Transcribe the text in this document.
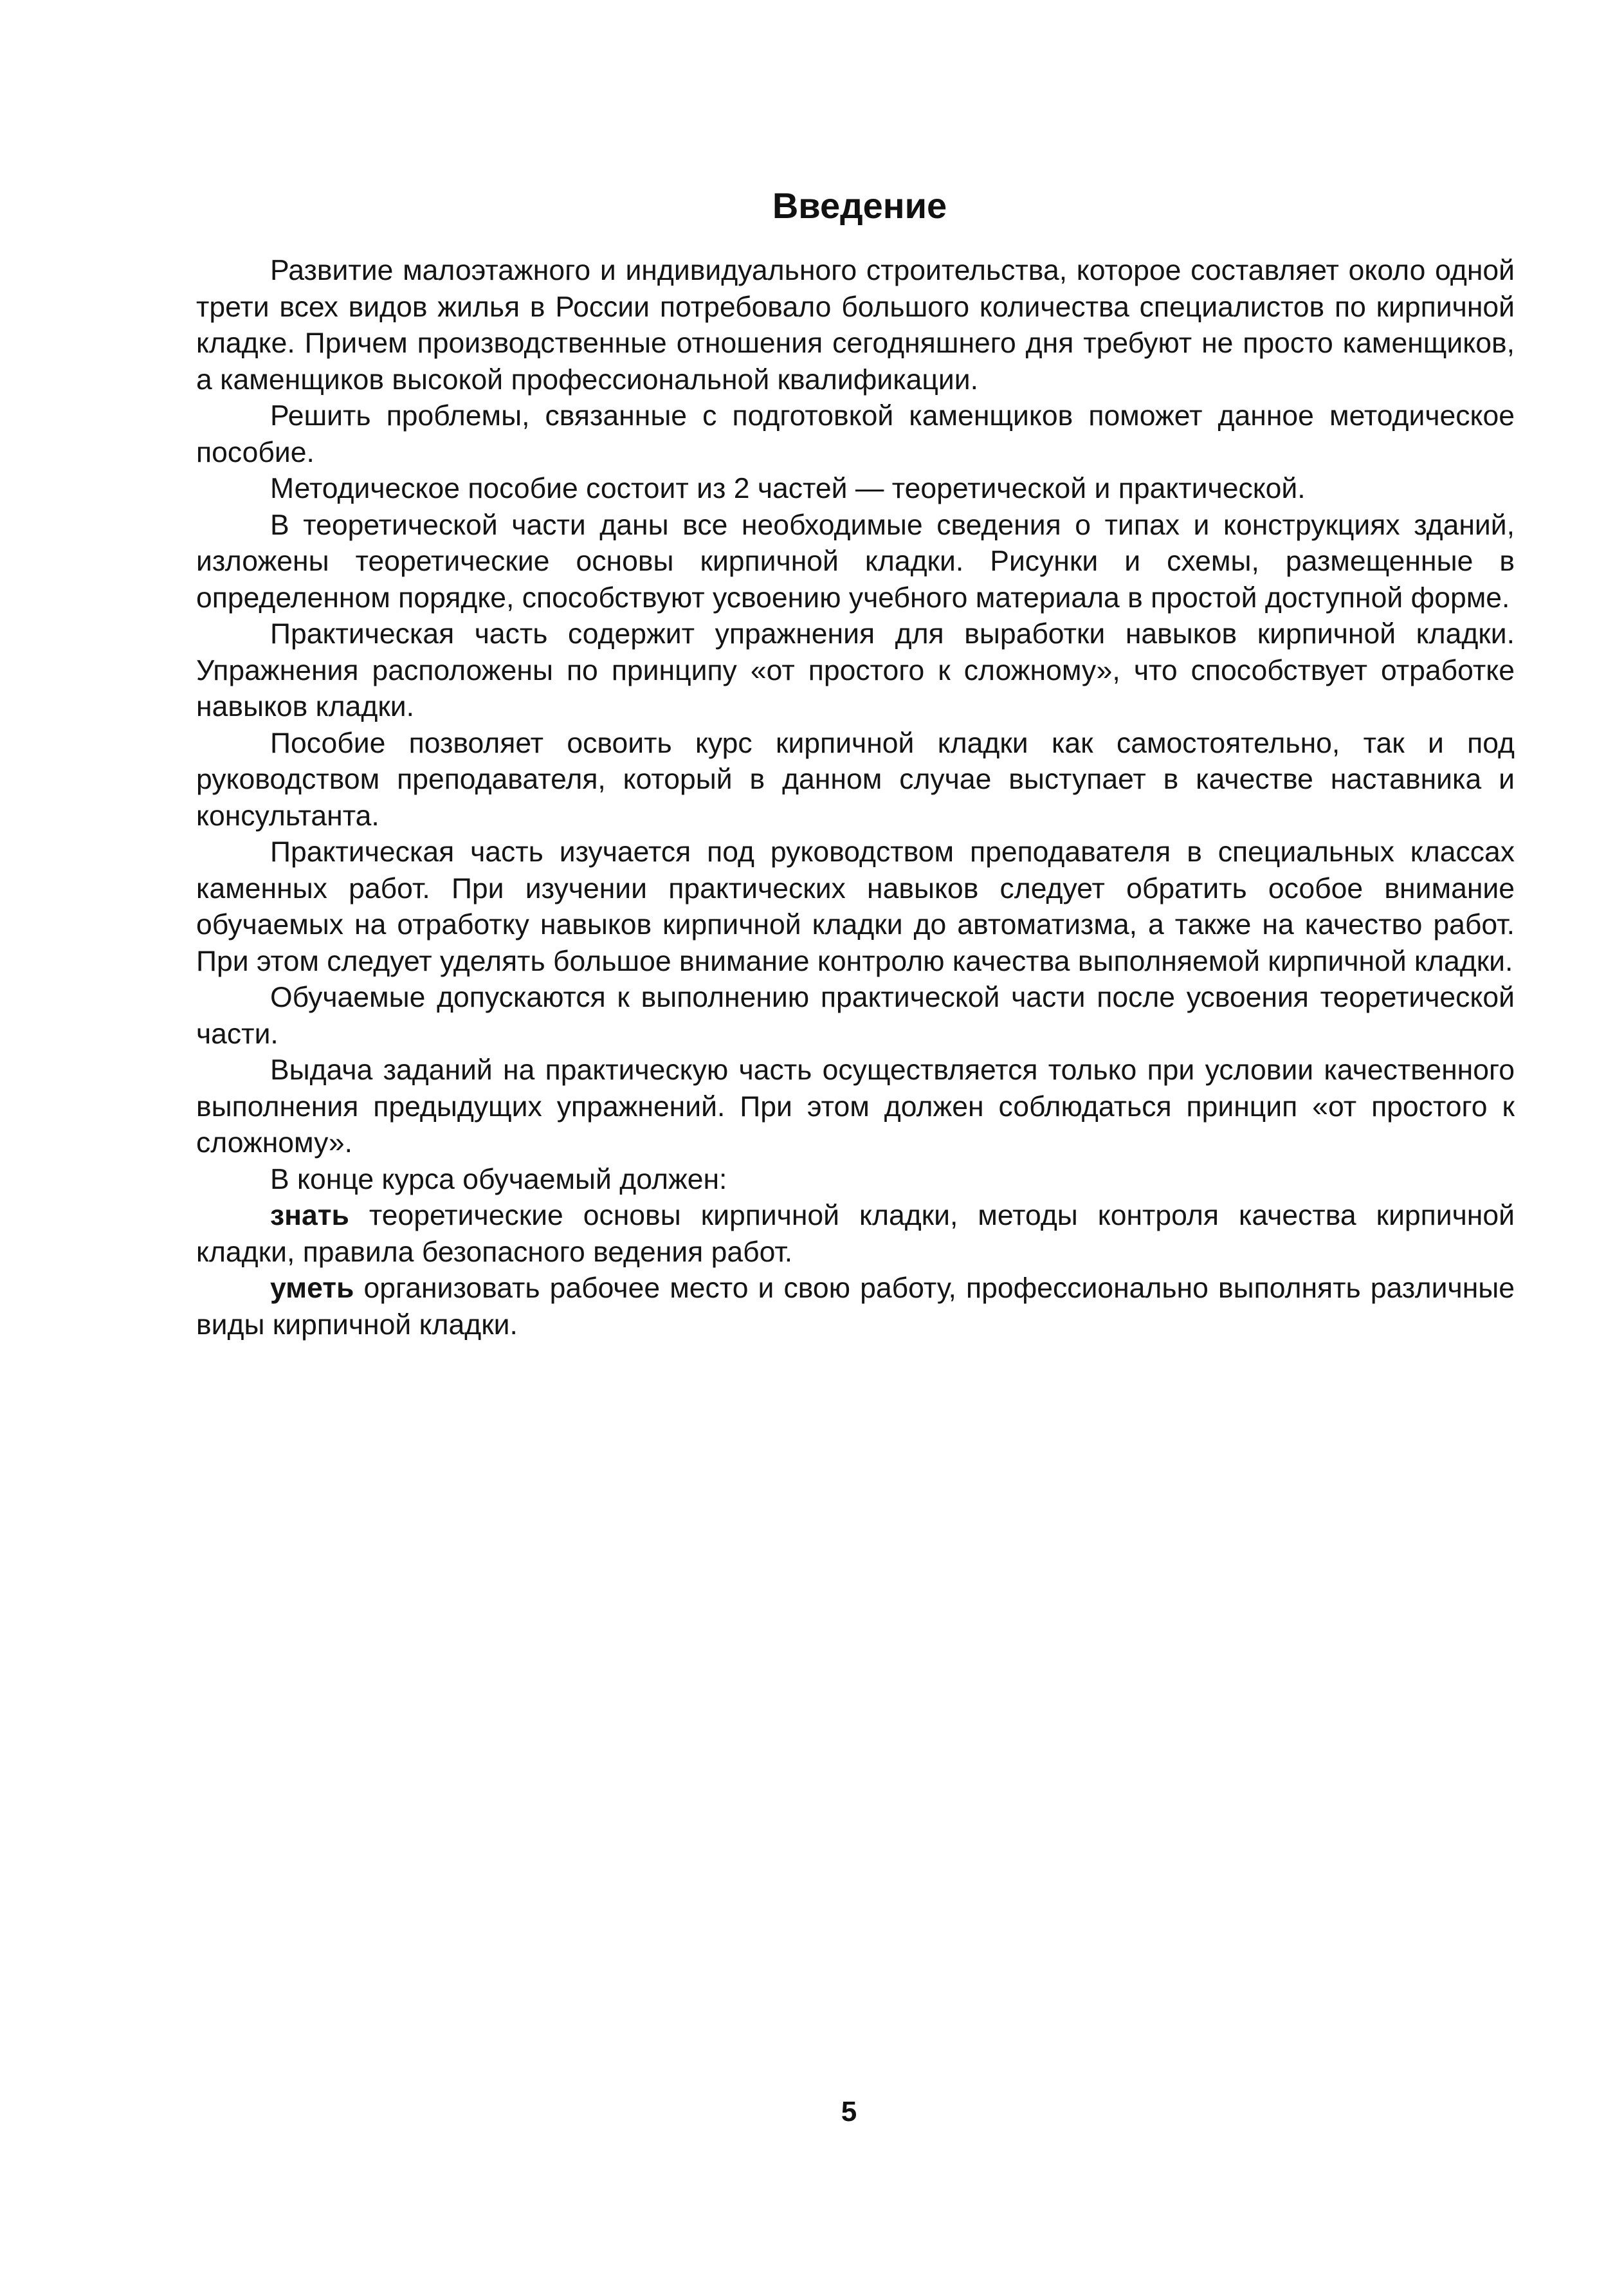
Введение

Развитие малоэтажного и индивидуального строительства, которое составляет около одной трети всех видов жилья в России потребовало большого количества специалистов по кирпичной кладке. Причем производственные отношения сегодняшнего дня требуют не просто каменщиков, а каменщиков высокой профессиональной квалификации.

Решить проблемы, связанные с подготовкой каменщиков поможет данное методическое пособие.

Методическое пособие состоит из 2 частей — теоретической и практической.

В теоретической части даны все необходимые сведения о типах и конструкциях зданий, изложены теоретические основы кирпичной кладки. Рисунки и схемы, размещенные в определенном порядке, способствуют усвоению учебного материала в простой доступной форме.

Практическая часть содержит упражнения для выработки навыков кирпичной кладки. Упражнения расположены по принципу «от простого к сложному», что способствует отработке навыков кладки.

Пособие позволяет освоить курс кирпичной кладки как самостоятельно, так и под руководством преподавателя, который в данном случае выступает в качестве наставника и консультанта.

Практическая часть изучается под руководством преподавателя в специальных классах каменных работ. При изучении практических навыков следует обратить особое внимание обучаемых на отработку навыков кирпичной кладки до автоматизма, а также на качество работ. При этом следует уделять большое внимание контролю качества выполняемой кирпичной кладки.

Обучаемые допускаются к выполнению практической части после усвоения теоретической части.

Выдача заданий на практическую часть осуществляется только при условии качественного выполнения предыдущих упражнений. При этом должен соблюдаться принцип «от простого к сложному».

В конце курса обучаемый должен:

знать теоретические основы кирпичной кладки, методы контроля качества кирпичной кладки, правила безопасного ведения работ.

уметь организовать рабочее место и свою работу, профессионально выполнять различные виды кирпичной кладки.

5
